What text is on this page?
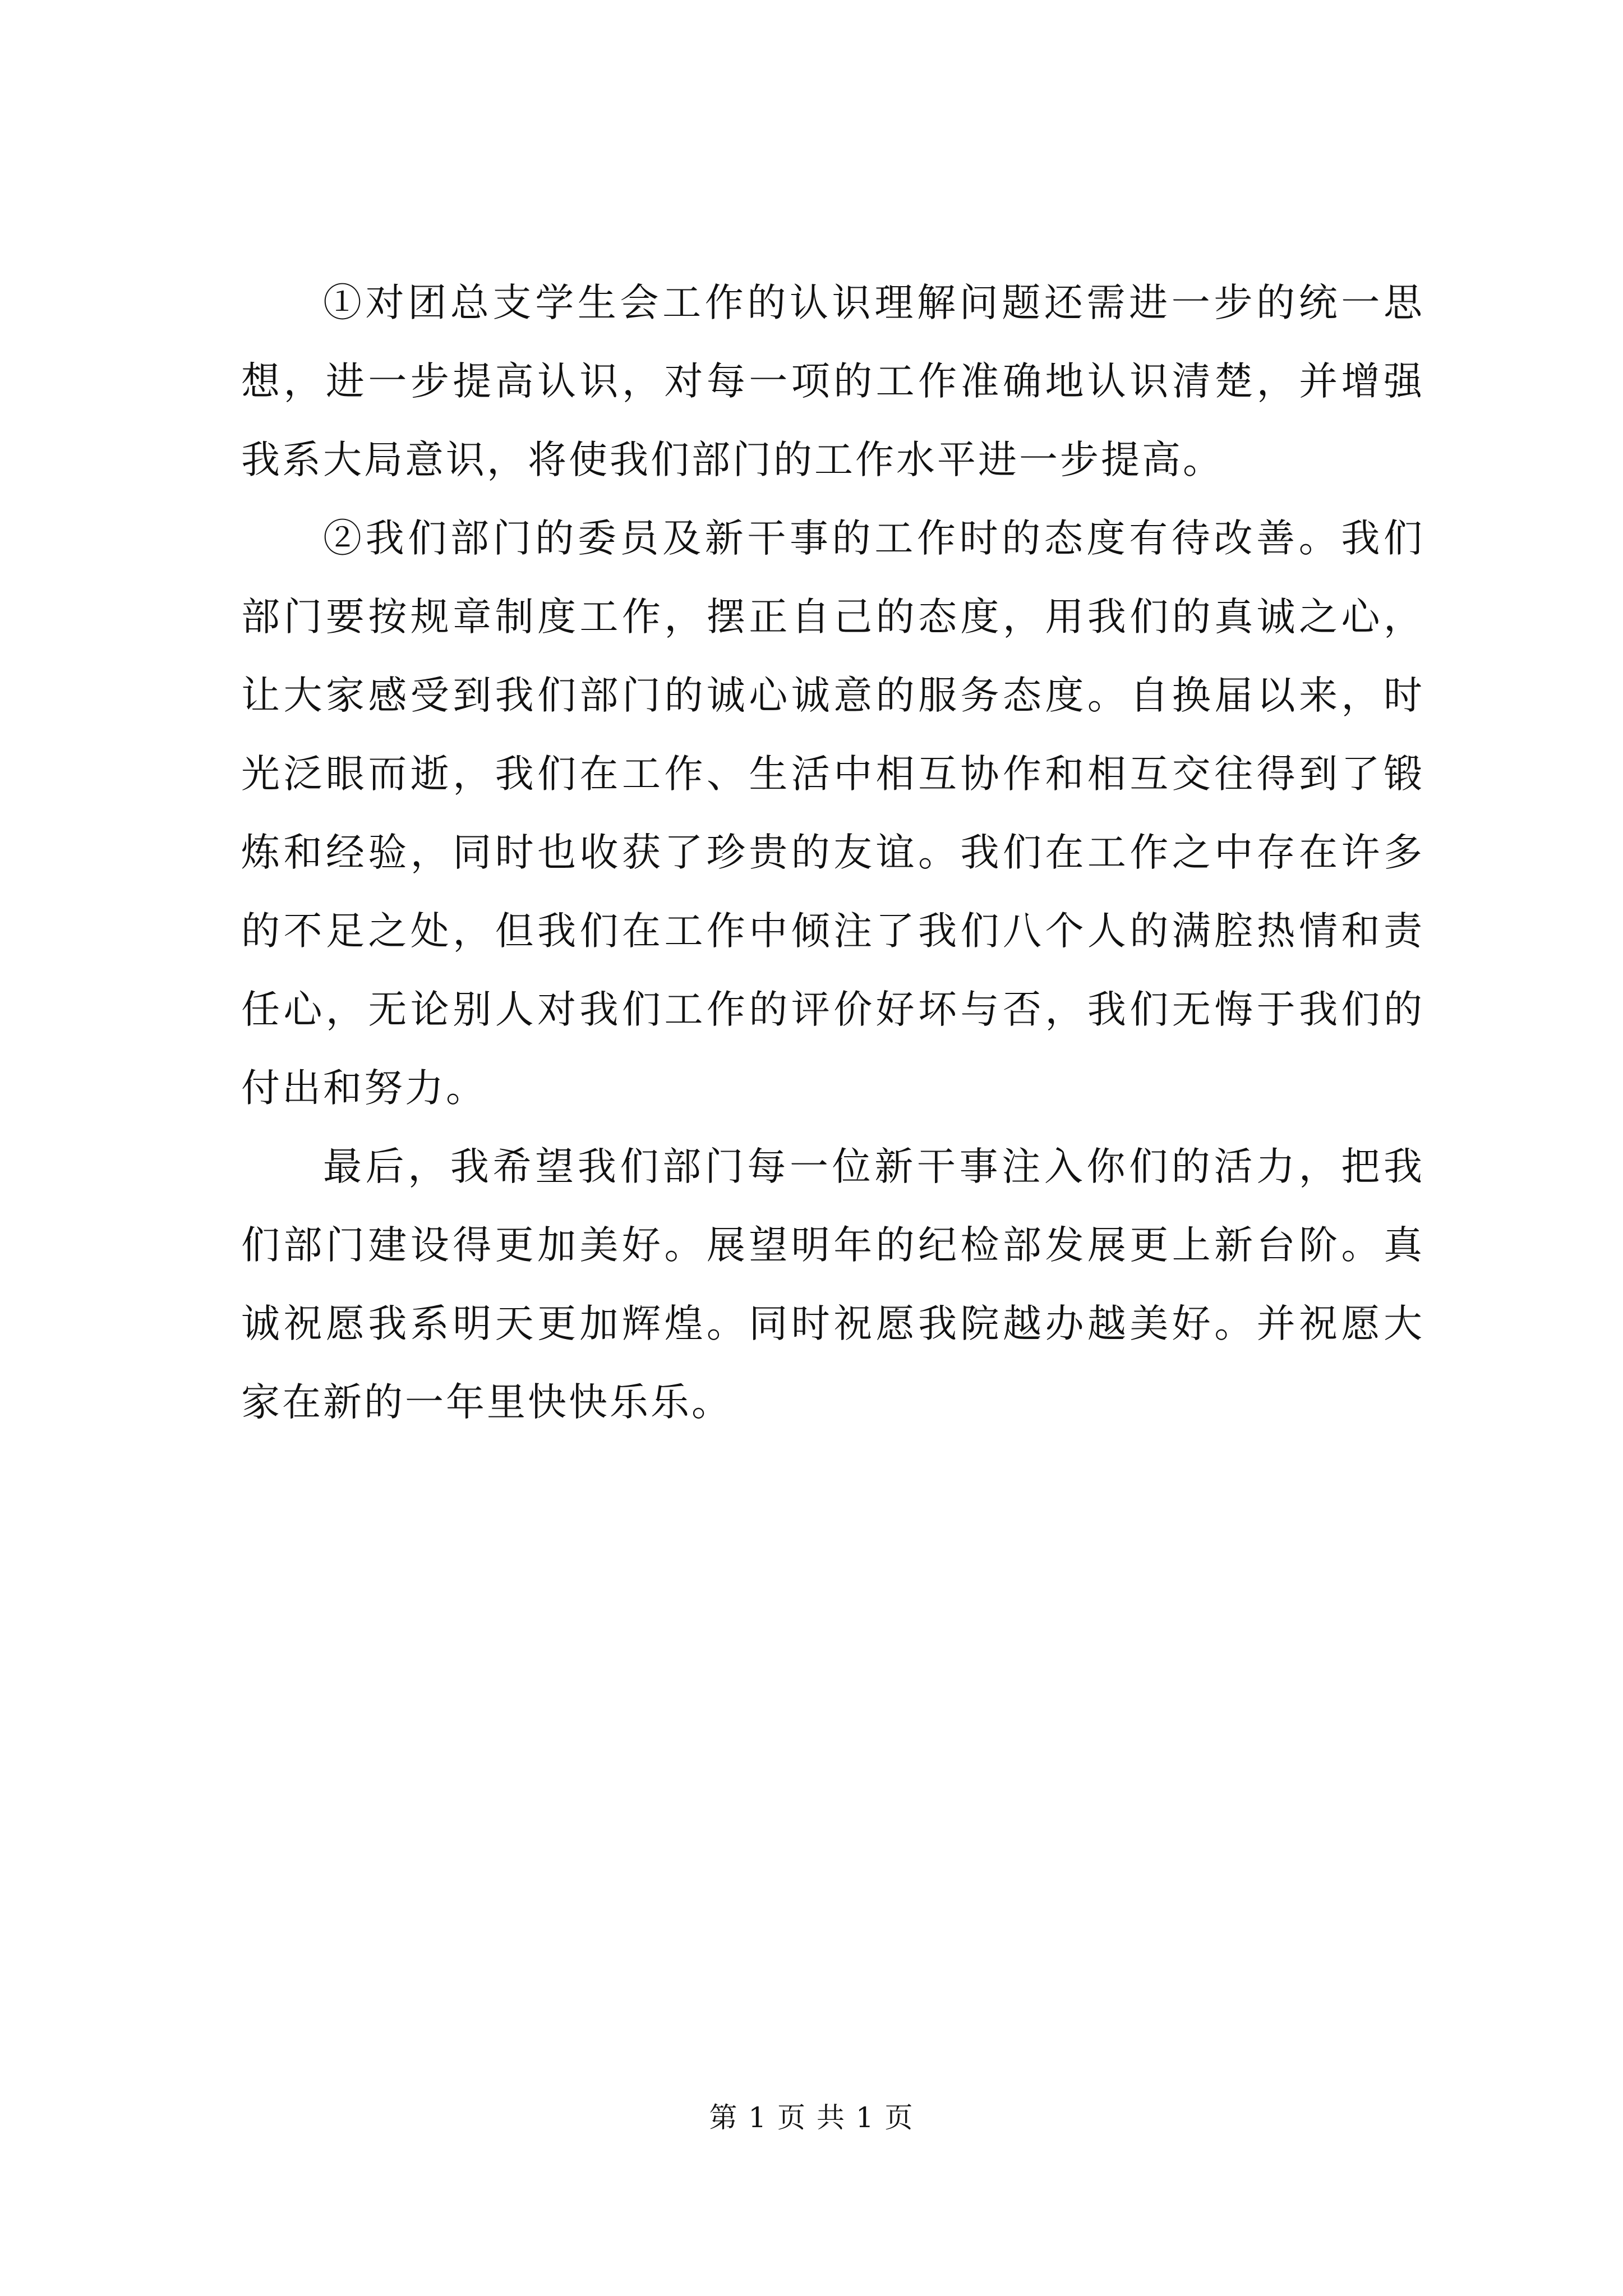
①对团总支学生会工作的认识理解问题还需进一步的统一思想，进一步提高认识，对每一项的工作准确地认识清楚，并增强我系大局意识，将使我们部门的工作水平进一步提高。

②我们部门的委员及新干事的工作时的态度有待改善。我们部门要按规章制度工作，摆正自己的态度，用我们的真诚之心，让大家感受到我们部门的诚心诚意的服务态度。自换届以来，时光泛眼而逝，我们在工作、生活中相互协作和相互交往得到了锻炼和经验，同时也收获了珍贵的友谊。我们在工作之中存在许多的不足之处，但我们在工作中倾注了我们八个人的满腔热情和责任心，无论别人对我们工作的评价好坏与否，我们无悔于我们的付出和努力。

最后，我希望我们部门每一位新干事注入你们的活力，把我们部门建设得更加美好。展望明年的纪检部发展更上新台阶。真诚祝愿我系明天更加辉煌。同时祝愿我院越办越美好。并祝愿大家在新的一年里快快乐乐。

第 1 页 共 1 页
